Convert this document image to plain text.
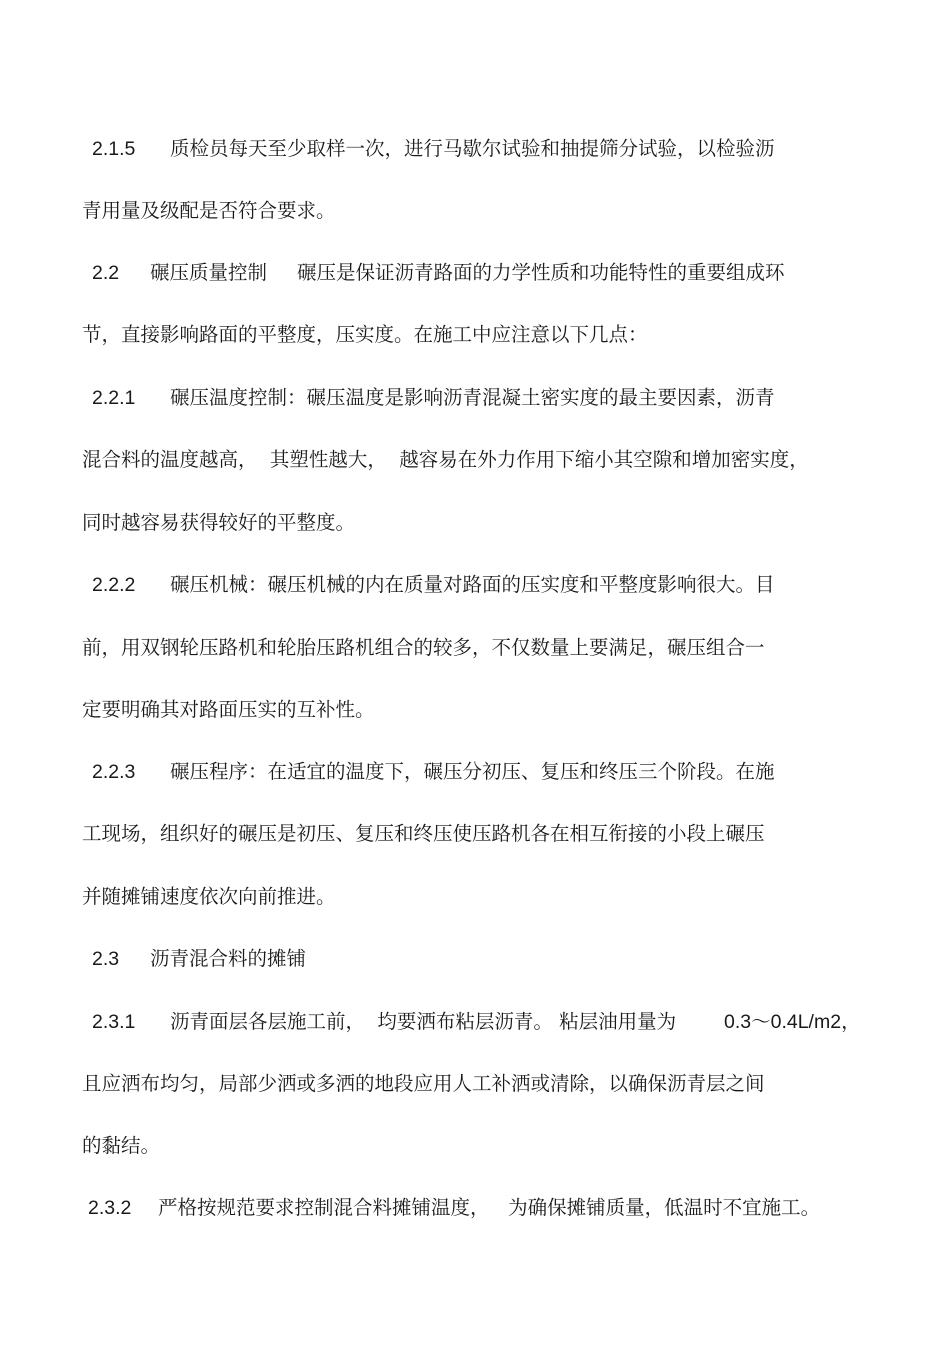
2.1.5 质检员每天至少取样一次，进行马歇尔试验和抽提筛分试验，以检验沥
青用量及级配是否符合要求。
2.2 碾压质量控制 碾压是保证沥青路面的力学性质和功能特性的重要组成环
节，直接影响路面的平整度，压实度。在施工中应注意以下几点：
2.2.1 碾压温度控制：碾压温度是影响沥青混凝土密实度的最主要因素，沥青
混合料的温度越高，  其塑性越大，  越容易在外力作用下缩小其空隙和增加密实度，
同时越容易获得较好的平整度。
2.2.2 碾压机械：碾压机械的内在质量对路面的压实度和平整度影响很大。目
前，用双钢轮压路机和轮胎压路机组合的较多，不仅数量上要满足，碾压组合一
定要明确其对路面压实的互补性。
2.2.3 碾压程序：在适宜的温度下，碾压分初压、复压和终压三个阶段。在施
工现场，组织好的碾压是初压、复压和终压使压路机各在相互衔接的小段上碾压
并随摊铺速度依次向前推进。
2.3 沥青混合料的摊铺
2.3.1 沥青面层各层施工前，  均要洒布粘层沥青。 粘层油用量为 0.3～0.4L/m2，
且应洒布均匀，局部少洒或多洒的地段应用人工补洒或清除，以确保沥青层之间
的黏结。
2.3.2 严格按规范要求控制混合料摊铺温度，   为确保摊铺质量，低温时不宜施工。
